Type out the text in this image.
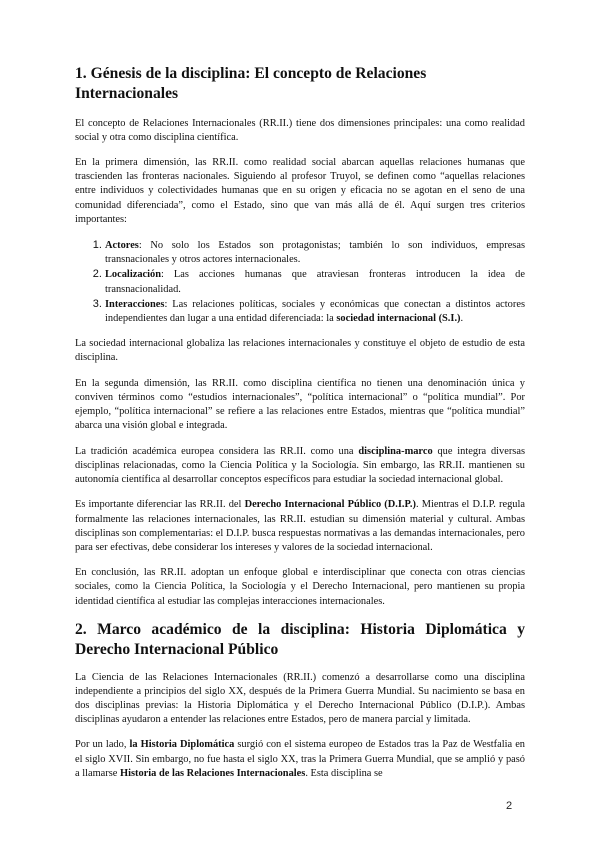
1. Génesis de la disciplina: El concepto de Relaciones Internacionales

El concepto de Relaciones Internacionales (RR.II.) tiene dos dimensiones principales: una como realidad social y otra como disciplina científica.

En la primera dimensión, las RR.II. como realidad social abarcan aquellas relaciones humanas que trascienden las fronteras nacionales. Siguiendo al profesor Truyol, se definen como “aquellas relaciones entre individuos y colectividades humanas que en su origen y eficacia no se agotan en el seno de una comunidad diferenciada”, como el Estado, sino que van más allá de él. Aquí surgen tres criterios importantes:

1. Actores: No solo los Estados son protagonistas; también lo son individuos, empresas transnacionales y otros actores internacionales.
2. Localización: Las acciones humanas que atraviesan fronteras introducen la idea de transnacionalidad.
3. Interacciones: Las relaciones políticas, sociales y económicas que conectan a distintos actores independientes dan lugar a una entidad diferenciada: la sociedad internacional (S.I.).

La sociedad internacional globaliza las relaciones internacionales y constituye el objeto de estudio de esta disciplina.

En la segunda dimensión, las RR.II. como disciplina científica no tienen una denominación única y conviven términos como “estudios internacionales”, “política internacional” o “política mundial”. Por ejemplo, “política internacional” se refiere a las relaciones entre Estados, mientras que “política mundial” abarca una visión global e integrada.

La tradición académica europea considera las RR.II. como una disciplina-marco que integra diversas disciplinas relacionadas, como la Ciencia Política y la Sociología. Sin embargo, las RR.II. mantienen su autonomía científica al desarrollar conceptos específicos para estudiar la sociedad internacional global.

Es importante diferenciar las RR.II. del Derecho Internacional Público (D.I.P.). Mientras el D.I.P. regula formalmente las relaciones internacionales, las RR.II. estudian su dimensión material y cultural. Ambas disciplinas son complementarias: el D.I.P. busca respuestas normativas a las demandas internacionales, pero para ser efectivas, debe considerar los intereses y valores de la sociedad internacional.

En conclusión, las RR.II. adoptan un enfoque global e interdisciplinar que conecta con otras ciencias sociales, como la Ciencia Política, la Sociología y el Derecho Internacional, pero mantienen su propia identidad científica al estudiar las complejas interacciones internacionales.

2. Marco académico de la disciplina: Historia Diplomática y Derecho Internacional Público

La Ciencia de las Relaciones Internacionales (RR.II.) comenzó a desarrollarse como una disciplina independiente a principios del siglo XX, después de la Primera Guerra Mundial. Su nacimiento se basa en dos disciplinas previas: la Historia Diplomática y el Derecho Internacional Público (D.I.P.). Ambas disciplinas ayudaron a entender las relaciones entre Estados, pero de manera parcial y limitada.

Por un lado, la Historia Diplomática surgió con el sistema europeo de Estados tras la Paz de Westfalia en el siglo XVII. Sin embargo, no fue hasta el siglo XX, tras la Primera Guerra Mundial, que se amplió y pasó a llamarse Historia de las Relaciones Internacionales. Esta disciplina se

2
